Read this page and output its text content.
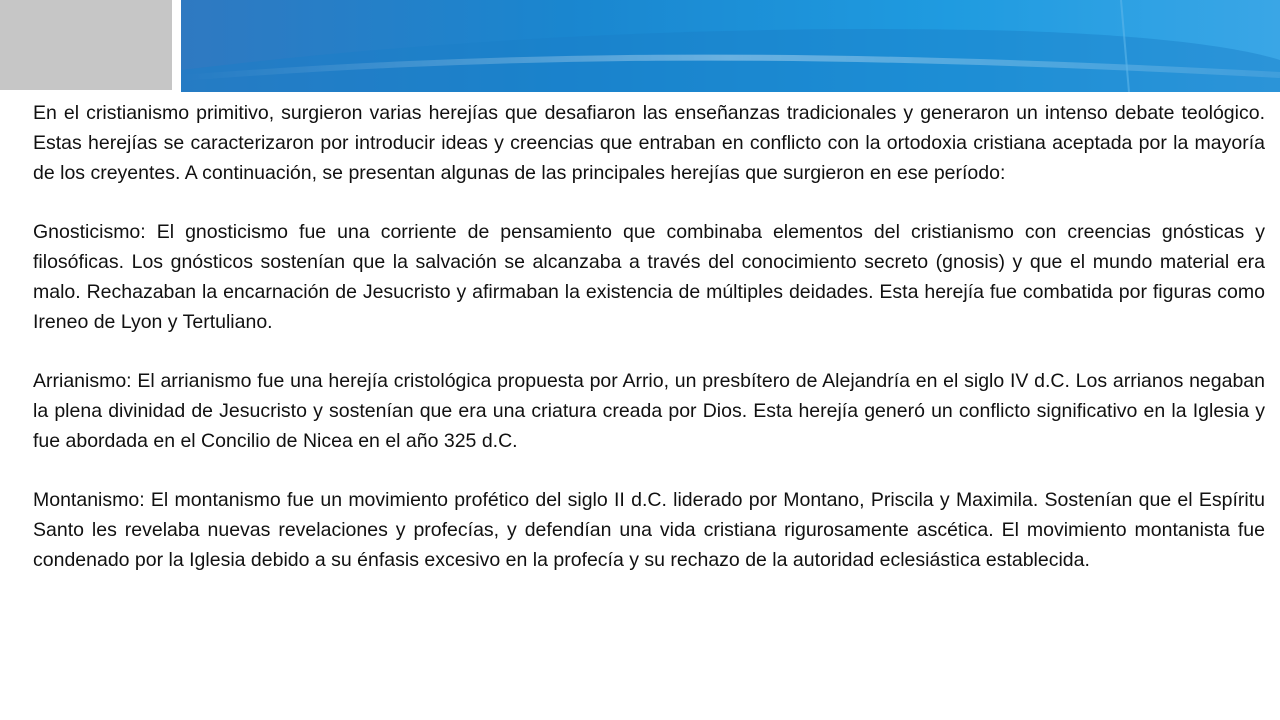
En el cristianismo primitivo, surgieron varias herejías que desafiaron las enseñanzas tradicionales y generaron un intenso debate teológico. Estas herejías se caracterizaron por introducir ideas y creencias que entraban en conflicto con la ortodoxia cristiana aceptada por la mayoría de los creyentes. A continuación, se presentan algunas de las principales herejías que surgieron en ese período:

Gnosticismo: El gnosticismo fue una corriente de pensamiento que combinaba elementos del cristianismo con creencias gnósticas y filosóficas. Los gnósticos sostenían que la salvación se alcanzaba a través del conocimiento secreto (gnosis) y que el mundo material era malo. Rechazaban la encarnación de Jesucristo y afirmaban la existencia de múltiples deidades. Esta herejía fue combatida por figuras como Ireneo de Lyon y Tertuliano.

Arrianismo: El arrianismo fue una herejía cristológica propuesta por Arrio, un presbítero de Alejandría en el siglo IV d.C. Los arrianos negaban la plena divinidad de Jesucristo y sostenían que era una criatura creada por Dios. Esta herejía generó un conflicto significativo en la Iglesia y fue abordada en el Concilio de Nicea en el año 325 d.C.

Montanismo: El montanismo fue un movimiento profético del siglo II d.C. liderado por Montano, Priscila y Maximila. Sostenían que el Espíritu Santo les revelaba nuevas revelaciones y profecías, y defendían una vida cristiana rigurosamente ascética. El movimiento montanista fue condenado por la Iglesia debido a su énfasis excesivo en la profecía y su rechazo de la autoridad eclesiástica establecida.
